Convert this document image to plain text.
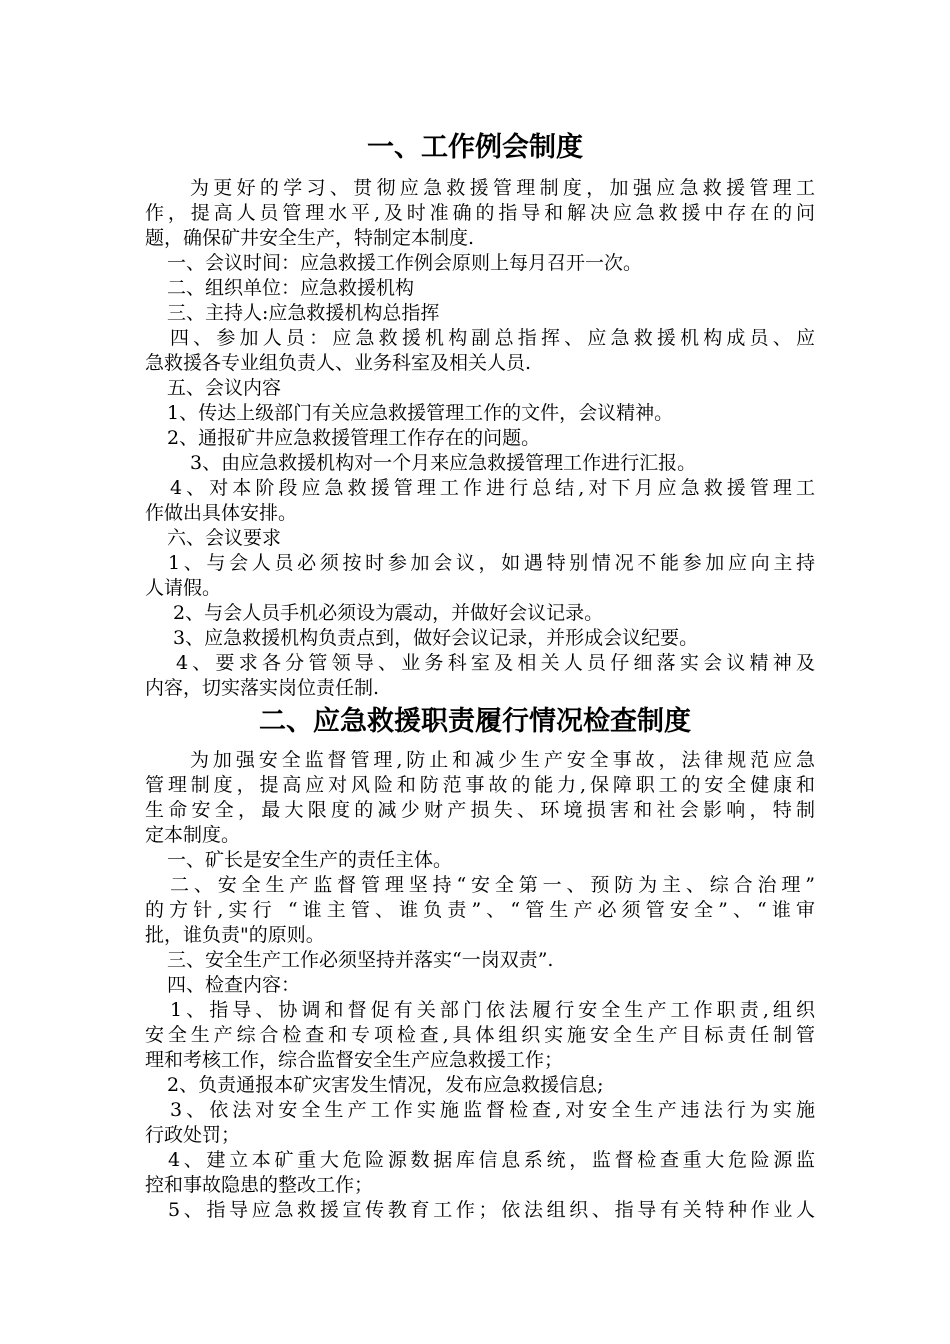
一、工作例会制度
为更好的学习、贯彻应急救援管理制度，加强应急救援管理工
作，提高人员管理水平,及时准确的指导和解决应急救援中存在的问
题，确保矿井安全生产，特制定本制度.
一、会议时间：应急救援工作例会原则上每月召开一次。
二、组织单位：应急救援机构
三、主持人:应急救援机构总指挥
四、参加人员：应急救援机构副总指挥、应急救援机构成员、应
急救援各专业组负责人、业务科室及相关人员.
五、会议内容
1、传达上级部门有关应急救援管理工作的文件，会议精神。
2、通报矿井应急救援管理工作存在的问题。
3、由应急救援机构对一个月来应急救援管理工作进行汇报。
4、对本阶段应急救援管理工作进行总结,对下月应急救援管理工
作做出具体安排。
六、会议要求
1、与会人员必须按时参加会议，如遇特别情况不能参加应向主持
人请假。
2、与会人员手机必须设为震动，并做好会议记录。
3、应急救援机构负责点到，做好会议记录，并形成会议纪要。
4、要求各分管领导、业务科室及相关人员仔细落实会议精神及
内容，切实落实岗位责任制.
二、应急救援职责履行情况检查制度
为加强安全监督管理,防止和减少生产安全事故，法律规范应急
管理制度，提高应对风险和防范事故的能力,保障职工的安全健康和
生命安全，最大限度的减少财产损失、环境损害和社会影响，特制
定本制度。
一、矿长是安全生产的责任主体。
二、安全生产监督管理坚持“安全第一、预防为主、综合治理”
的方针,实行 “谁主管、谁负责”、“管生产必须管安全”、“谁审
批，谁负责"的原则。
三、安全生产工作必须坚持并落实“一岗双责”.
四、检查内容：
1、指导、协调和督促有关部门依法履行安全生产工作职责,组织
安全生产综合检查和专项检查,具体组织实施安全生产目标责任制管
理和考核工作，综合监督安全生产应急救援工作；
2、负责通报本矿灾害发生情况，发布应急救援信息;
3、依法对安全生产工作实施监督检查,对安全生产违法行为实施
行政处罚；
4、建立本矿重大危险源数据库信息系统，监督检查重大危险源监
控和事故隐患的整改工作；
5、指导应急救援宣传教育工作；依法组织、指导有关特种作业人
